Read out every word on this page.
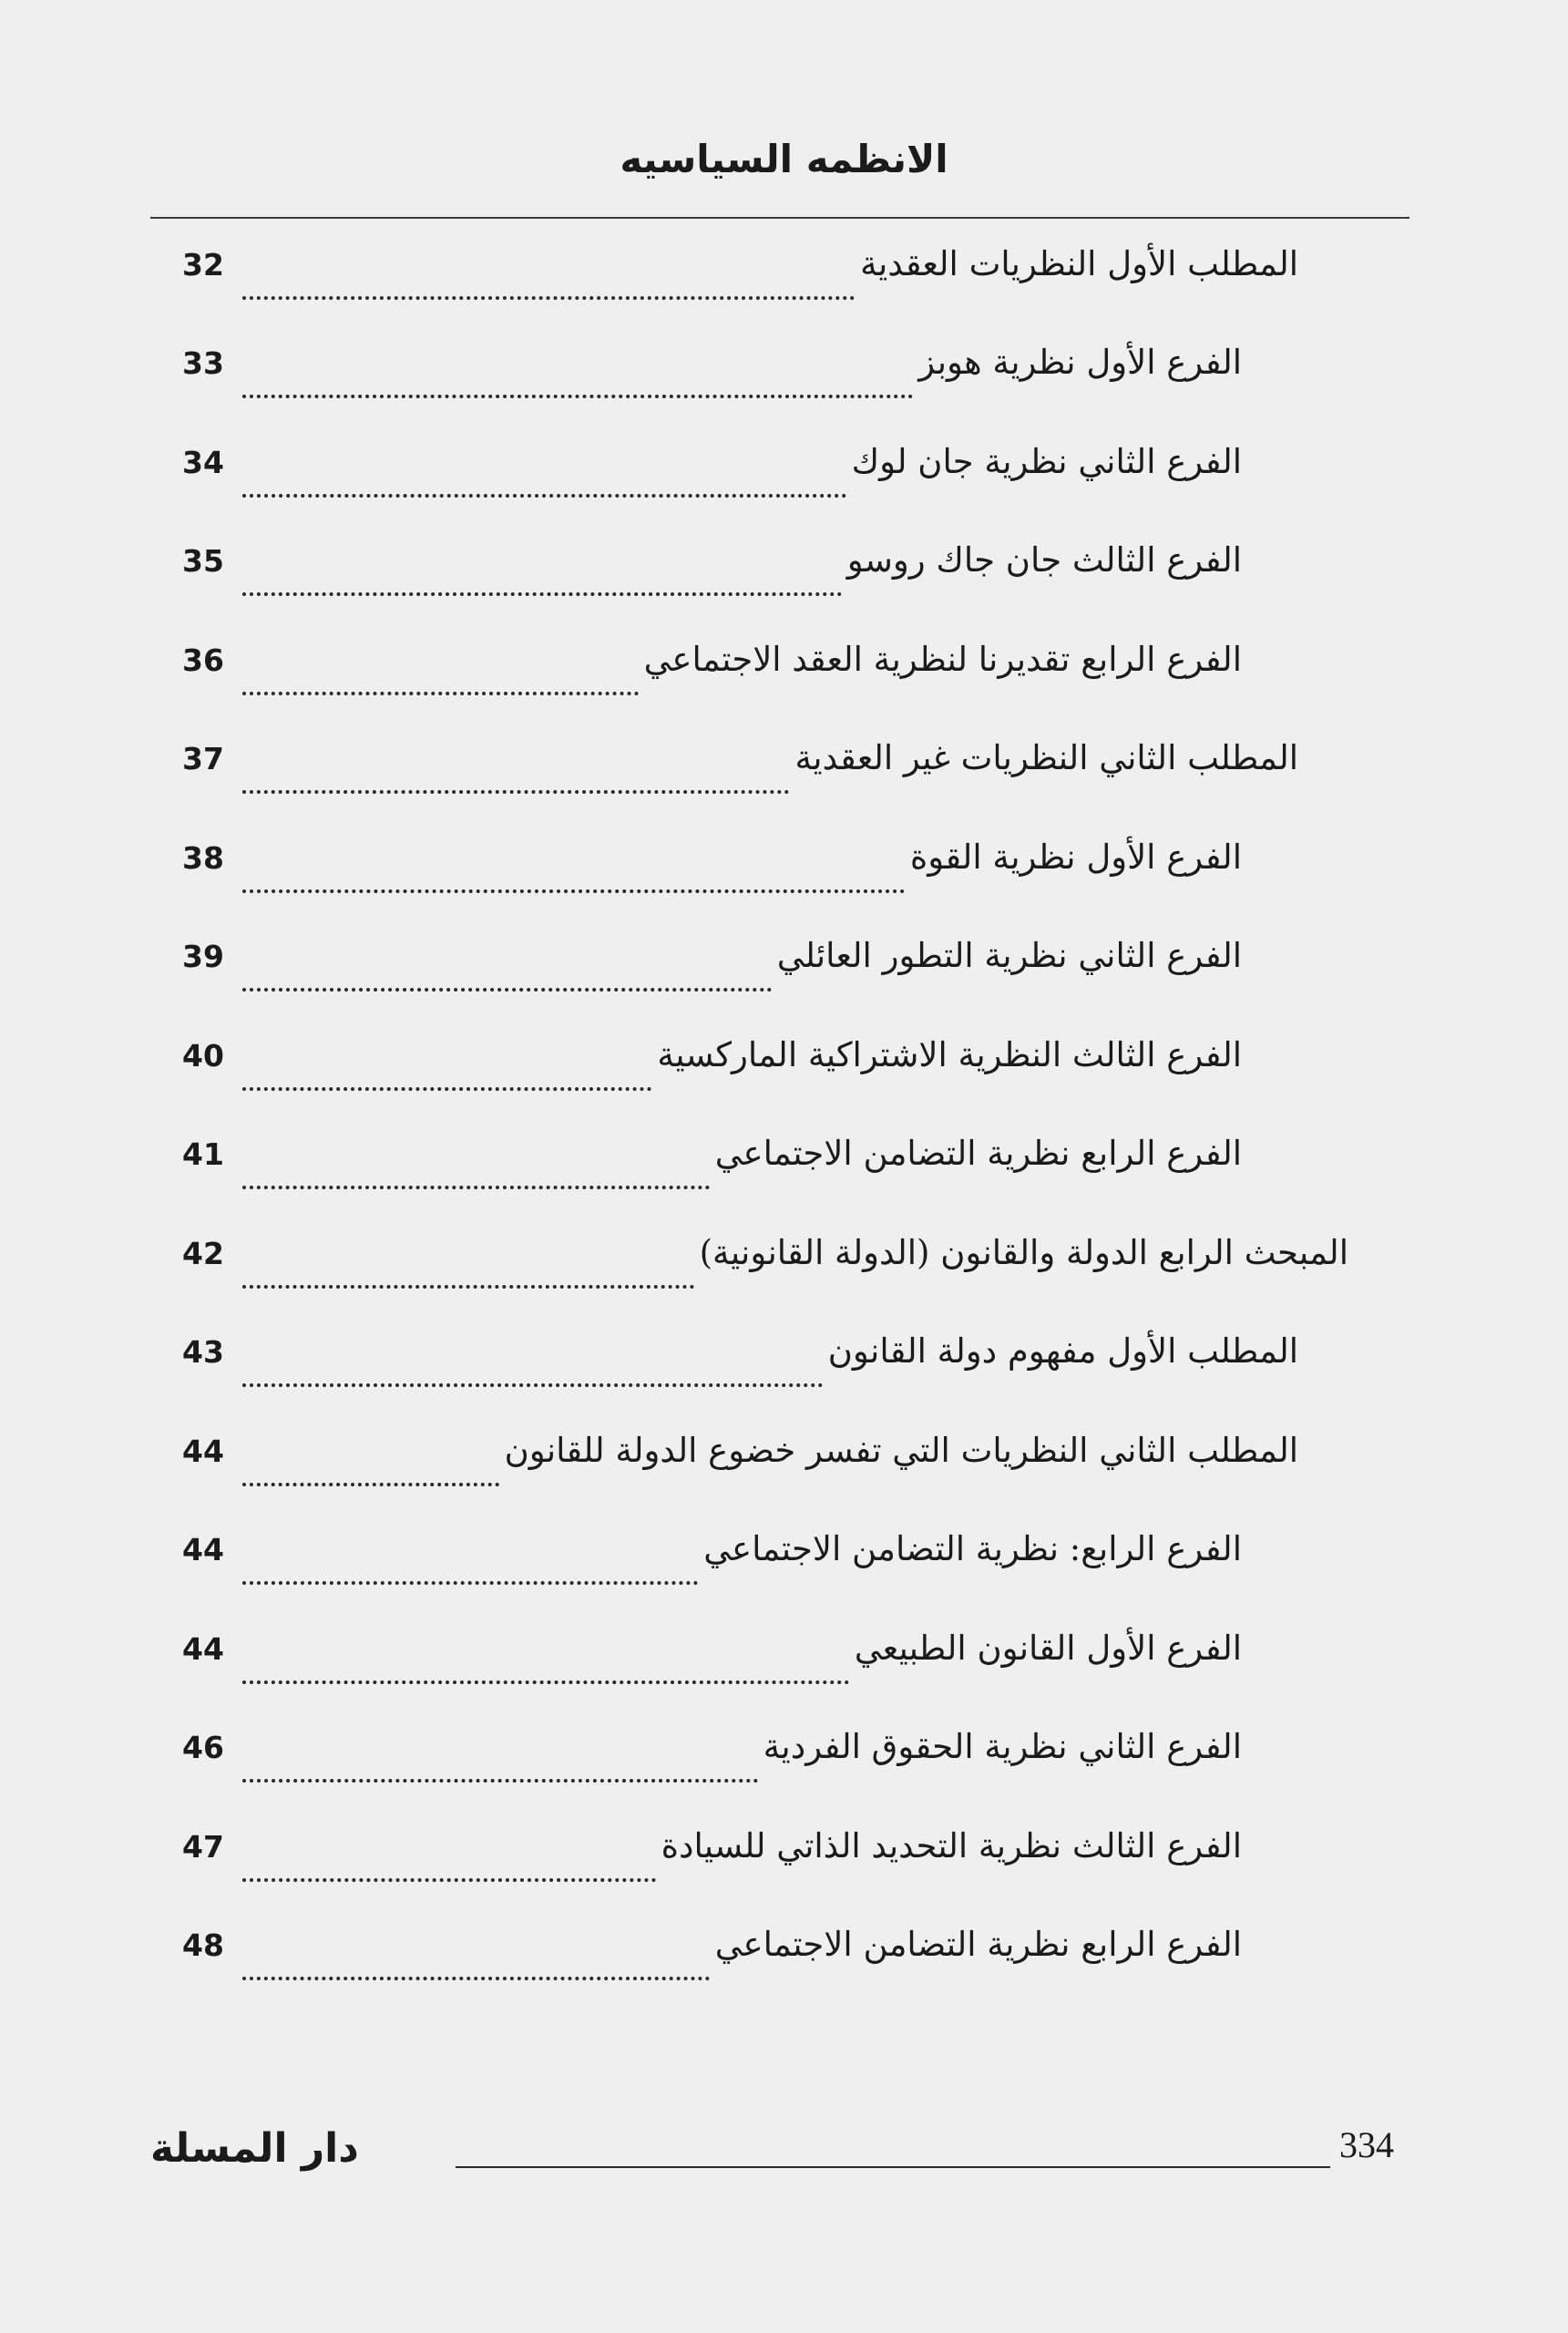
الانظمه السياسيه
المطلب الأول النظريات العقدية
32
الفرع الأول نظرية هوبز
33
الفرع الثاني نظرية جان لوك
34
الفرع الثالث جان جاك روسو
35
الفرع الرابع تقديرنا لنظرية العقد الاجتماعي
36
المطلب الثاني النظريات غير العقدية
37
الفرع الأول نظرية القوة
38
الفرع الثاني نظرية التطور العائلي
39
الفرع الثالث النظرية الاشتراكية الماركسية
40
الفرع الرابع نظرية التضامن الاجتماعي
41
المبحث الرابع الدولة والقانون (الدولة القانونية)
42
المطلب الأول مفهوم دولة القانون
43
المطلب الثاني النظريات التي تفسر خضوع الدولة للقانون
44
الفرع الرابع: نظرية التضامن الاجتماعي
44
الفرع الأول القانون الطبيعي
44
الفرع الثاني نظرية الحقوق الفردية
46
الفرع الثالث نظرية التحديد الذاتي للسيادة
47
الفرع الرابع نظرية التضامن الاجتماعي
48
334
دار المسلة
